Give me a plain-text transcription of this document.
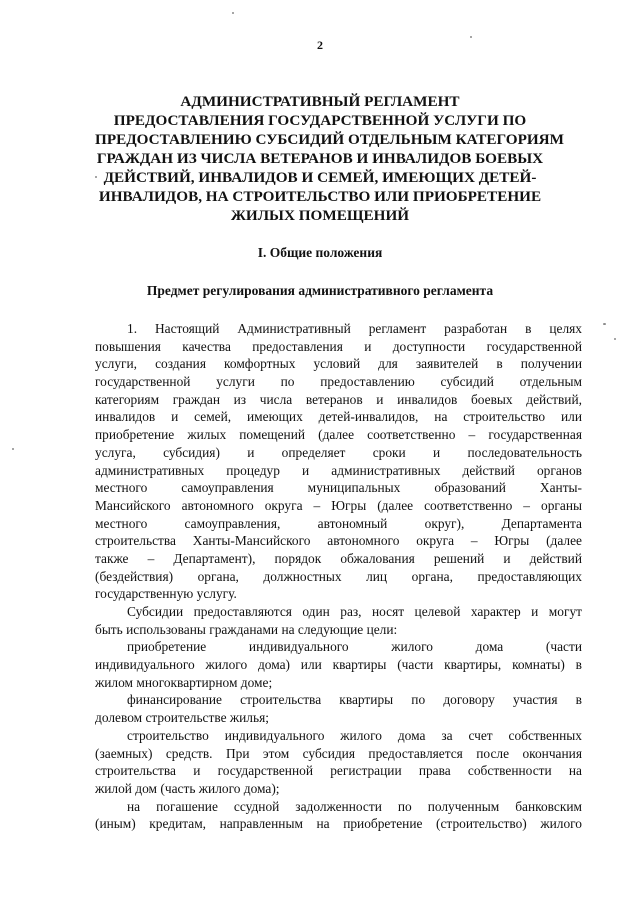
2
АДМИНИСТРАТИВНЫЙ РЕГЛАМЕНТ
ПРЕДОСТАВЛЕНИЯ ГОСУДАРСТВЕННОЙ УСЛУГИ ПО
ПРЕДОСТАВЛЕНИЮ СУБСИДИЙ ОТДЕЛЬНЫМ КАТЕГОРИЯМ
ГРАЖДАН ИЗ ЧИСЛА ВЕТЕРАНОВ И ИНВАЛИДОВ БОЕВЫХ
ДЕЙСТВИЙ, ИНВАЛИДОВ И СЕМЕЙ, ИМЕЮЩИХ ДЕТЕЙ-
ИНВАЛИДОВ, НА СТРОИТЕЛЬСТВО ИЛИ ПРИОБРЕТЕНИЕ
ЖИЛЫХ ПОМЕЩЕНИЙ
I. Общие положения
Предмет регулирования административного регламента
1. Настоящий Административный регламент разработан в целях
повышения качества предоставления и доступности государственной
услуги, создания комфортных условий для заявителей в получении
государственной услуги по предоставлению субсидий отдельным
категориям граждан из числа ветеранов и инвалидов боевых действий,
инвалидов и семей, имеющих детей-инвалидов, на строительство или
приобретение жилых помещений (далее соответственно – государственная
услуга, субсидия) и определяет сроки и последовательность
административных процедур и административных действий органов
местного самоуправления муниципальных образований Ханты-
Мансийского автономного округа – Югры (далее соответственно – органы
местного самоуправления, автономный округ), Департамента
строительства Ханты-Мансийского автономного округа – Югры (далее
также – Департамент), порядок обжалования решений и действий
(бездействия) органа, должностных лиц органа, предоставляющих
государственную услугу.
Субсидии предоставляются один раз, носят целевой характер и могут
быть использованы гражданами на следующие цели:
приобретение индивидуального жилого дома (части
индивидуального жилого дома) или квартиры (части квартиры, комнаты) в
жилом многоквартирном доме;
финансирование строительства квартиры по договору участия в
долевом строительстве жилья;
строительство индивидуального жилого дома за счет собственных
(заемных) средств. При этом субсидия предоставляется после окончания
строительства и государственной регистрации права собственности на
жилой дом (часть жилого дома);
на погашение ссудной задолженности по полученным банковским
(иным) кредитам, направленным на приобретение (строительство) жилого
